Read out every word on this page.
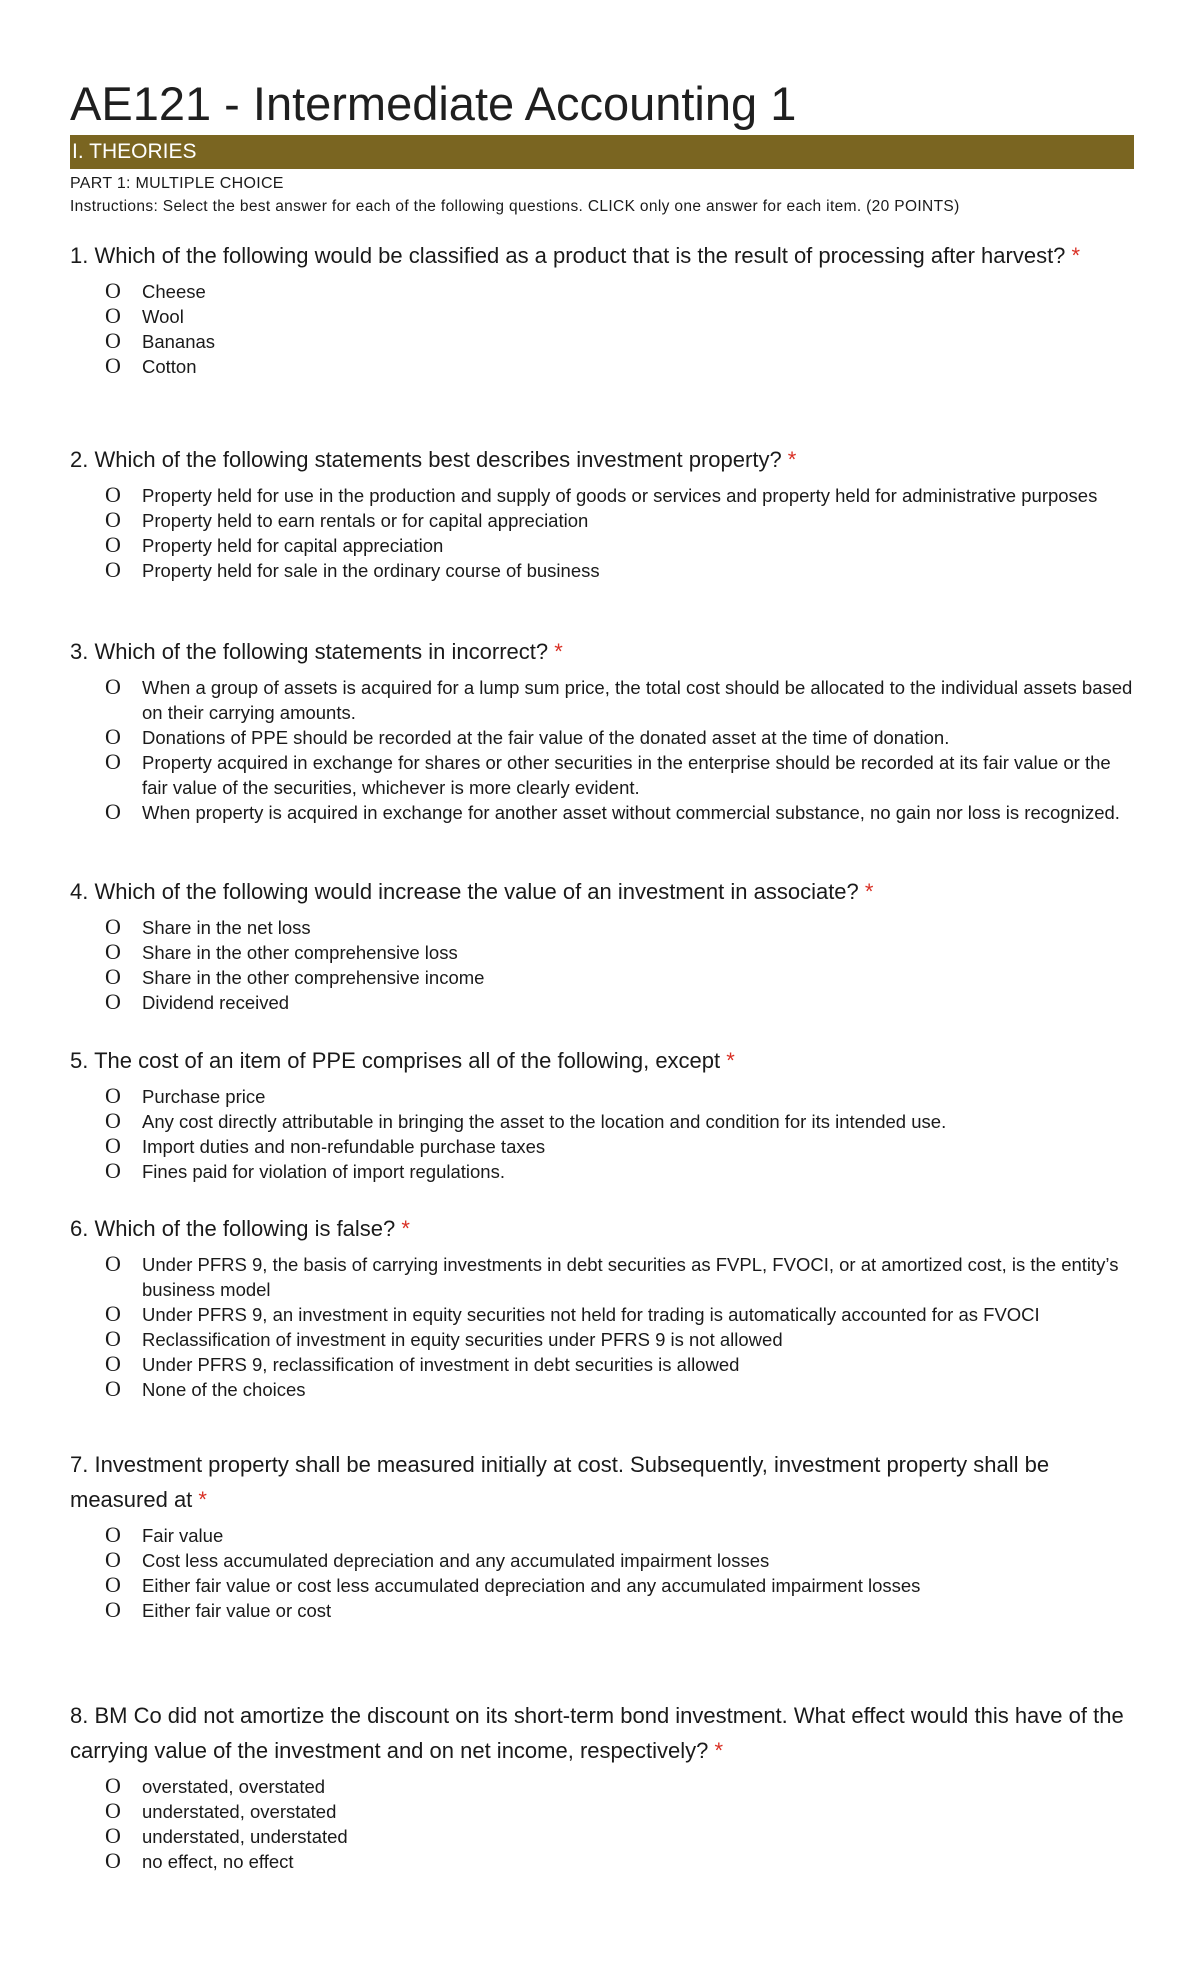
AE121 - Intermediate Accounting 1
I. THEORIES
PART 1: MULTIPLE CHOICE
Instructions: Select the best answer for each of the following questions. CLICK only one answer for each item. (20 POINTS)

1. Which of the following would be classified as a product that is the result of processing after harvest? *

O Cheese
O Wool
O Bananas
O Cotton

2. Which of the following statements best describes investment property? *

O Property held for use in the production and supply of goods or services and property held for administrative purposes
O Property held to earn rentals or for capital appreciation
O Property held for capital appreciation
O Property held for sale in the ordinary course of business

3. Which of the following statements in incorrect? *

O When a group of assets is acquired for a lump sum price, the total cost should be allocated to the individual assets based on their carrying amounts.
O Donations of PPE should be recorded at the fair value of the donated asset at the time of donation.
O Property acquired in exchange for shares or other securities in the enterprise should be recorded at its fair value or the fair value of the securities, whichever is more clearly evident.
O When property is acquired in exchange for another asset without commercial substance, no gain nor loss is recognized.

4. Which of the following would increase the value of an investment in associate? *

O Share in the net loss
O Share in the other comprehensive loss
O Share in the other comprehensive income
O Dividend received

5. The cost of an item of PPE comprises all of the following, except *

O Purchase price
O Any cost directly attributable in bringing the asset to the location and condition for its intended use.
O Import duties and non-refundable purchase taxes
O Fines paid for violation of import regulations.

6. Which of the following is false? *

O Under PFRS 9, the basis of carrying investments in debt securities as FVPL, FVOCI, or at amortized cost, is the entity’s business model
O Under PFRS 9, an investment in equity securities not held for trading is automatically accounted for as FVOCI
O Reclassification of investment in equity securities under PFRS 9 is not allowed
O Under PFRS 9, reclassification of investment in debt securities is allowed
O None of the choices

7. Investment property shall be measured initially at cost. Subsequently, investment property shall be measured at *

O Fair value
O Cost less accumulated depreciation and any accumulated impairment losses
O Either fair value or cost less accumulated depreciation and any accumulated impairment losses
O Either fair value or cost

8. BM Co did not amortize the discount on its short-term bond investment. What effect would this have of the carrying value of the investment and on net income, respectively? *

O overstated, overstated
O understated, overstated
O understated, understated
O no effect, no effect
